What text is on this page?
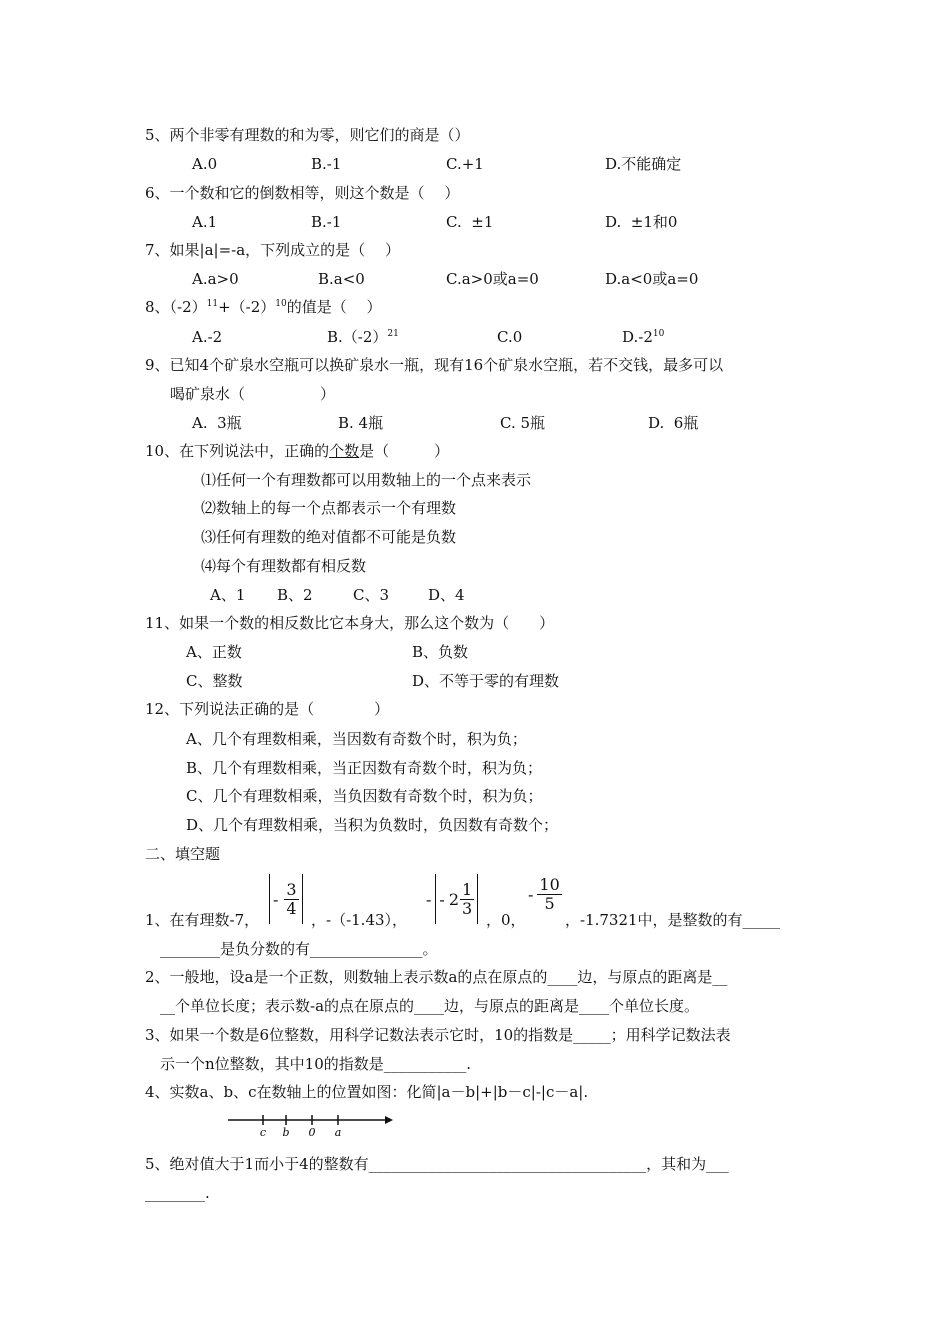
5、两个非零有理数的和为零，则它们的商是（）
A.0	B.-1	C.+1	D.不能确定
6、一个数和它的倒数相等，则这个数是（　 ）
A.1	B.-1	C.  ±1	D.  ±1和0
7、如果|a|=-a，下列成立的是（　 ）
A.a>0	B.a<0	C.a>0或a=0	D.a<0或a=0
8、$(-2)^{11}+(-2)^{10}$的值是（　 ）
A.-2	$B.(-2)^{21}$	C.0	$D.-2^{10}$
9、已知4个矿泉水空瓶可以换矿泉水一瓶，现有16个矿泉水空瓶，若不交钱，最多可以
喝矿泉水（　　　　　）
A.  3瓶	B. 4瓶	C. 5瓶	D.  6瓶
10、在下列说法中，正确的个数是（　　　）
⑴任何一个有理数都可以用数轴上的一个点来表示
⑵数轴上的每一个点都表示一个有理数
⑶任何有理数的绝对值都不可能是负数
⑷每个有理数都有相反数
A、1 B、2	C、3	D、4
11、如果一个数的相反数比它本身大，那么这个数为（　　）
A、正数	B、负数
C、整数	D、不等于零的有理数
12、下列说法正确的是（　　　　）
A、几个有理数相乘，当因数有奇数个时，积为负；
B、几个有理数相乘，当正因数有奇数个时，积为负；
C、几个有理数相乘，当负因数有奇数个时，积为负；
D、几个有理数相乘，当积为负数时，负因数有奇数个；
二、填空题
1、在有理数-7，
- $\frac{3}{4}$
，-（-1.43），
- - $2 \frac{1}{3}$
，0，
- $\frac{10}{5}$
，-1.7321中，是整数的有_____
________是负分数的有_______________。
2、一般地，设a是一个正数，则数轴上表示数a的点在原点的____边，与原点的距离是__
__个单位长度；表示数-a的点在原点的____边，与原点的距离是____个单位长度。
3、如果一个数是6位整数，用科学记数法表示它时，10的指数是_____；用科学记数法表
示一个n位整数，其中10的指数是___________.
4、实数a、b、c在数轴上的位置如图：化简|a－b|+|b－c|-|c－a|.
c b 0 a
5、绝对值大于1而小于4的整数有_____________________________________，其和为___
________.
